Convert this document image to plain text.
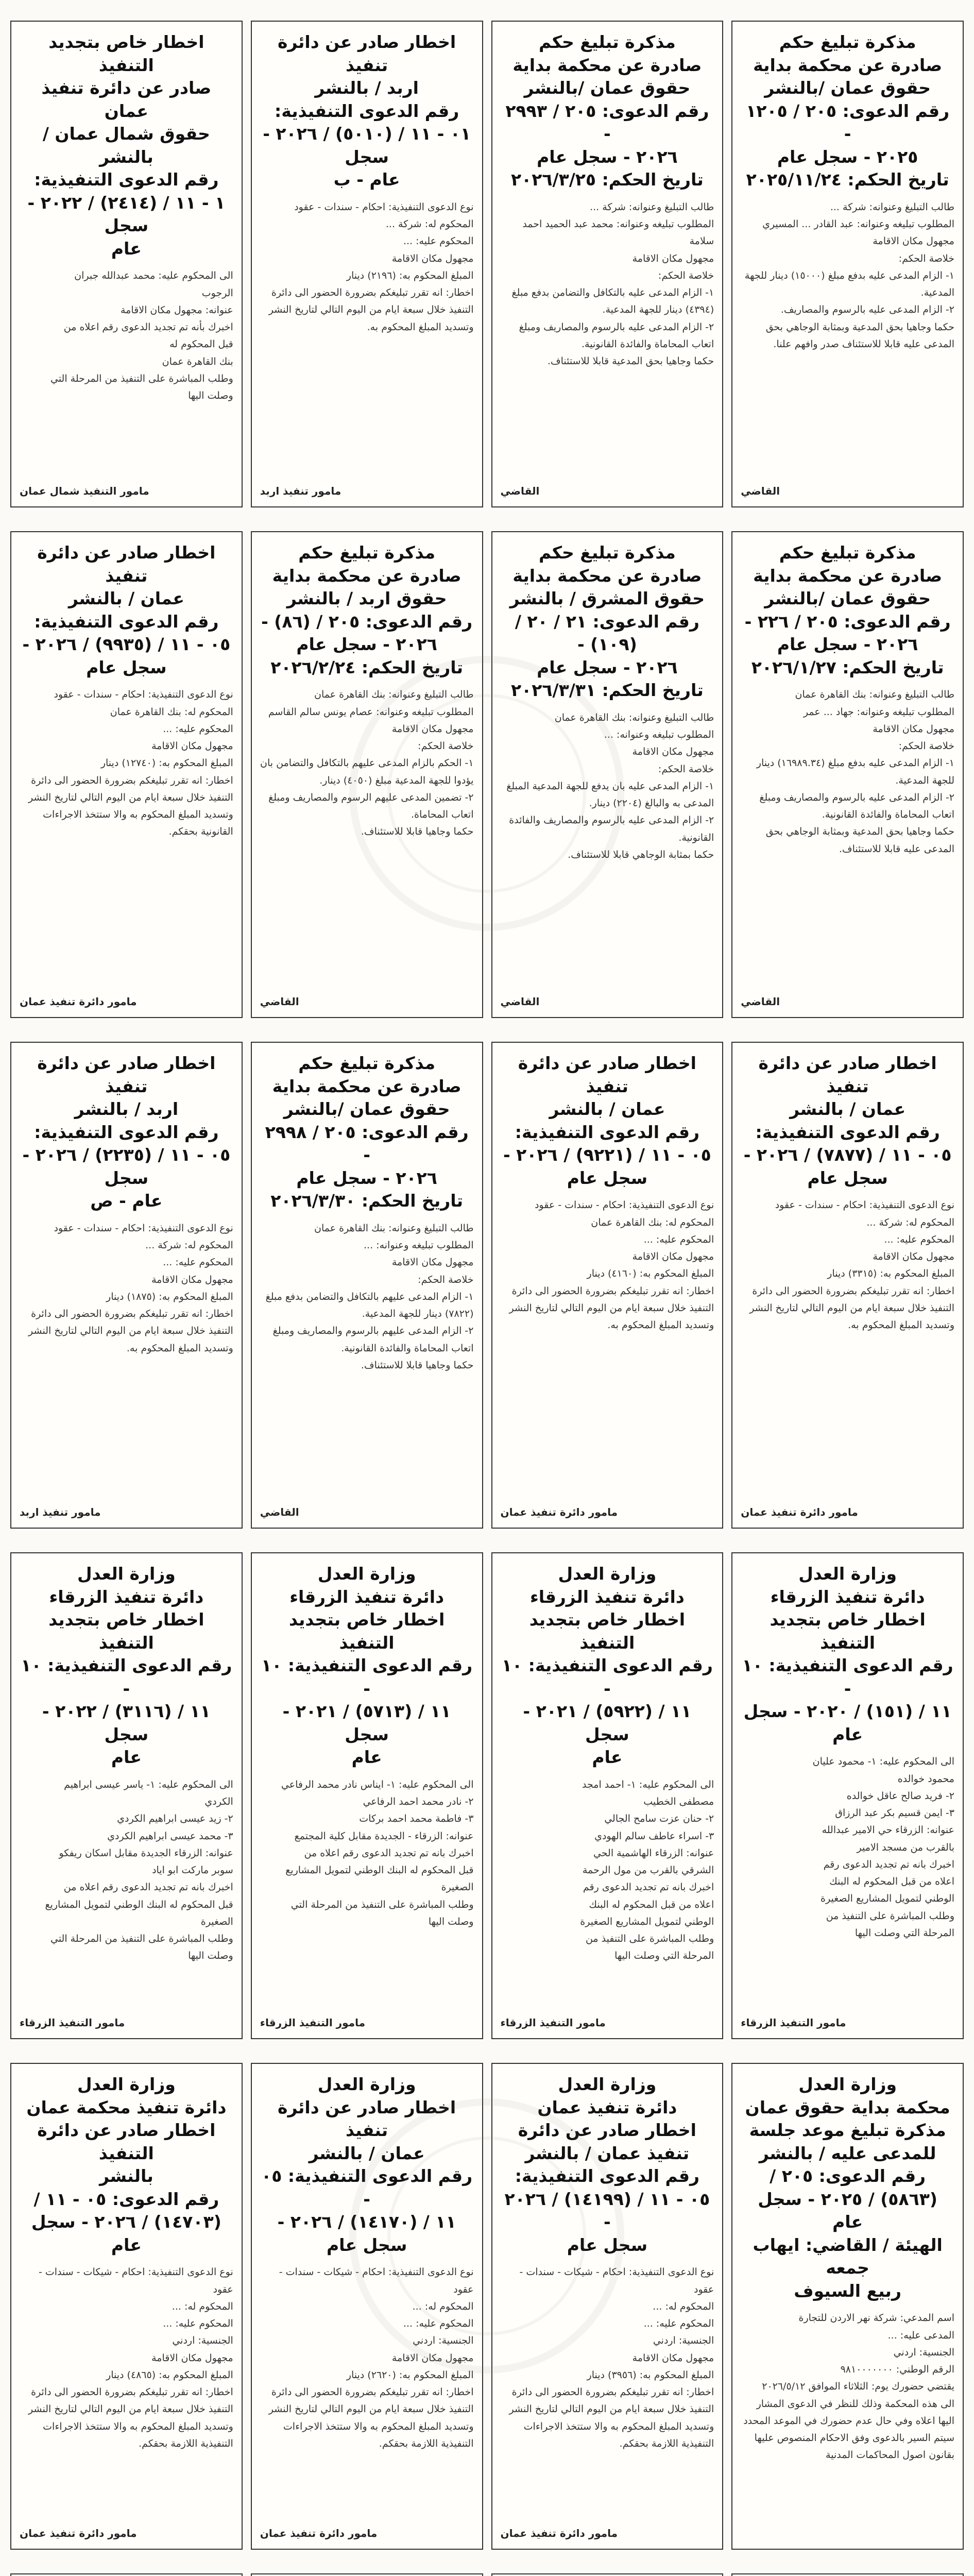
مذكرة تبليغ حكم
صادرة عن محكمة بداية
حقوق عمان /بالنشر
رقم الدعوى: ٢٠٥ / ١٢٠٥ -
٢٠٢٥ - سجل عام
تاريخ الحكم: ٢٠٢٥/١١/٢٤
طالب التبليغ وعنوانه: شركة ...
المطلوب تبليغه وعنوانه: عبد القادر ... المسيري
مجهول مكان الاقامة
خلاصة الحكم:
١- الزام المدعى عليه بدفع مبلغ (١٥٠٠٠) دينار للجهة المدعية.
٢- الزام المدعى عليه بالرسوم والمصاريف.
حكما وجاهيا بحق المدعية وبمثابة الوجاهي بحق المدعى عليه قابلا للاستئناف صدر وافهم علنا.
القاضي
مذكرة تبليغ حكم
صادرة عن محكمة بداية
حقوق عمان /بالنشر
رقم الدعوى: ٢٠٥ / ٢٩٩٣ -
٢٠٢٦ - سجل عام
تاريخ الحكم: ٢٠٢٦/٣/٢٥
طالب التبليغ وعنوانه: شركة ...
المطلوب تبليغه وعنوانه: محمد عبد الحميد احمد سلامة
مجهول مكان الاقامة
خلاصة الحكم:
١- الزام المدعى عليه بالتكافل والتضامن بدفع مبلغ (٤٣٩٤) دينار للجهة المدعية.
٢- الزام المدعى عليه بالرسوم والمصاريف ومبلغ اتعاب المحاماة والفائدة القانونية.
حكما وجاهيا بحق المدعية قابلا للاستئناف.
القاضي
اخطار صادر عن دائرة تنفيذ
اربد / بالنشر
رقم الدعوى التنفيذية:
٠١ - ١١ / (٥٠١٠) / ٢٠٢٦ - سجل
عام - ب
نوع الدعوى التنفيذية: احكام - سندات - عقود
المحكوم له: شركة ...
المحكوم عليه: ...
مجهول مكان الاقامة
المبلغ المحكوم به: (٢١٩٦) دينار
اخطار: انه تقرر تبليغكم بضرورة الحضور الى دائرة التنفيذ خلال سبعة ايام من اليوم التالي لتاريخ النشر وتسديد المبلغ المحكوم به.
مامور تنفيذ اربد
اخطار خاص بتجديد التنفيذ
صادر عن دائرة تنفيذ عمان
حقوق شمال عمان / بالنشر
رقم الدعوى التنفيذية:
١ - ١١ / (٢٤١٤) / ٢٠٢٢ - سجل
عام
الى المحكوم عليه: محمد عبدالله جبران
الرجوب
عنوانه: مجهول مكان الاقامة
اخبرك بأنه تم تجديد الدعوى رقم اعلاه من
قبل المحكوم له
بنك القاهرة عمان
وطلب المباشرة على التنفيذ من المرحلة التي
وصلت اليها
مامور التنفيذ شمال عمان
مذكرة تبليغ حكم
صادرة عن محكمة بداية
حقوق عمان /بالنشر
رقم الدعوى: ٢٠٥ / ٢٢٦ -
٢٠٢٦ - سجل عام
تاريخ الحكم: ٢٠٢٦/١/٢٧
طالب التبليغ وعنوانه: بنك القاهرة عمان
المطلوب تبليغه وعنوانه: جهاد ... عمر
مجهول مكان الاقامة
خلاصة الحكم:
١- الزام المدعى عليه بدفع مبلغ (١٦٩٨٩.٣٤) دينار للجهة المدعية.
٢- الزام المدعى عليه بالرسوم والمصاريف ومبلغ اتعاب المحاماة والفائدة القانونية.
حكما وجاهيا بحق المدعية وبمثابة الوجاهي بحق المدعى عليه قابلا للاستئناف.
القاضي
مذكرة تبليغ حكم
صادرة عن محكمة بداية
حقوق المشرق / بالنشر
رقم الدعوى: ٢١ / ٢٠ / (١٠٩) -
٢٠٢٦ - سجل عام
تاريخ الحكم: ٢٠٢٦/٣/٣١
طالب التبليغ وعنوانه: بنك القاهرة عمان
المطلوب تبليغه وعنوانه: ...
مجهول مكان الاقامة
خلاصة الحكم:
١- الزام المدعى عليه بان يدفع للجهة المدعية المبلغ المدعى به والبالغ (٢٢٠٤) دينار.
٢- الزام المدعى عليه بالرسوم والمصاريف والفائدة القانونية.
حكما بمثابة الوجاهي قابلا للاستئناف.
القاضي
مذكرة تبليغ حكم
صادرة عن محكمة بداية
حقوق اربد / بالنشر
رقم الدعوى: ٢٠٥ / (٨٦) -
٢٠٢٦ - سجل عام
تاريخ الحكم: ٢٠٢٦/٢/٢٤
طالب التبليغ وعنوانه: بنك القاهرة عمان
المطلوب تبليغه وعنوانه: عصام يونس سالم القاسم
مجهول مكان الاقامة
خلاصة الحكم:
١- الحكم بالزام المدعى عليهم بالتكافل والتضامن بان يؤدوا للجهة المدعية مبلغ (٤٠٥٠) دينار.
٢- تضمين المدعى عليهم الرسوم والمصاريف ومبلغ اتعاب المحاماة.
حكما وجاهيا قابلا للاستئناف.
القاضي
اخطار صادر عن دائرة تنفيذ
عمان / بالنشر
رقم الدعوى التنفيذية:
٠٥ - ١١ / (٩٩٣٥) / ٢٠٢٦ -
سجل عام
نوع الدعوى التنفيذية: احكام - سندات - عقود
المحكوم له: بنك القاهرة عمان
المحكوم عليه: ...
مجهول مكان الاقامة
المبلغ المحكوم به: (١٢٧٤٠) دينار
اخطار: انه تقرر تبليغكم بضرورة الحضور الى دائرة التنفيذ خلال سبعة ايام من اليوم التالي لتاريخ النشر وتسديد المبلغ المحكوم به والا ستتخذ الاجراءات القانونية بحقكم.
مامور دائرة تنفيذ عمان
اخطار صادر عن دائرة تنفيذ
عمان / بالنشر
رقم الدعوى التنفيذية:
٠٥ - ١١ / (٧٨٧٧) / ٢٠٢٦ -
سجل عام
نوع الدعوى التنفيذية: احكام - سندات - عقود
المحكوم له: شركة ...
المحكوم عليه: ...
مجهول مكان الاقامة
المبلغ المحكوم به: (٣٣١٥) دينار
اخطار: انه تقرر تبليغكم بضرورة الحضور الى دائرة التنفيذ خلال سبعة ايام من اليوم التالي لتاريخ النشر وتسديد المبلغ المحكوم به.
مامور دائرة تنفيذ عمان
اخطار صادر عن دائرة تنفيذ
عمان / بالنشر
رقم الدعوى التنفيذية:
٠٥ - ١١ / (٩٢٢١) / ٢٠٢٦ -
سجل عام
نوع الدعوى التنفيذية: احكام - سندات - عقود
المحكوم له: بنك القاهرة عمان
المحكوم عليه: ...
مجهول مكان الاقامة
المبلغ المحكوم به: (٤١٦٠) دينار
اخطار: انه تقرر تبليغكم بضرورة الحضور الى دائرة التنفيذ خلال سبعة ايام من اليوم التالي لتاريخ النشر وتسديد المبلغ المحكوم به.
مامور دائرة تنفيذ عمان
مذكرة تبليغ حكم
صادرة عن محكمة بداية
حقوق عمان /بالنشر
رقم الدعوى: ٢٠٥ / ٢٩٩٨ -
٢٠٢٦ - سجل عام
تاريخ الحكم: ٢٠٢٦/٣/٣٠
طالب التبليغ وعنوانه: بنك القاهرة عمان
المطلوب تبليغه وعنوانه: ...
مجهول مكان الاقامة
خلاصة الحكم:
١- الزام المدعى عليهم بالتكافل والتضامن بدفع مبلغ (٧٨٢٢) دينار للجهة المدعية.
٢- الزام المدعى عليهم بالرسوم والمصاريف ومبلغ اتعاب المحاماة والفائدة القانونية.
حكما وجاهيا قابلا للاستئناف.
القاضي
اخطار صادر عن دائرة تنفيذ
اربد / بالنشر
رقم الدعوى التنفيذية:
٠٥ - ١١ / (٢٢٣٥) / ٢٠٢٦ - سجل
عام - ص
نوع الدعوى التنفيذية: احكام - سندات - عقود
المحكوم له: شركة ...
المحكوم عليه: ...
مجهول مكان الاقامة
المبلغ المحكوم به: (١٨٧٥) دينار
اخطار: انه تقرر تبليغكم بضرورة الحضور الى دائرة التنفيذ خلال سبعة ايام من اليوم التالي لتاريخ النشر وتسديد المبلغ المحكوم به.
مامور تنفيذ اربد
وزارة العدل
دائرة تنفيذ الزرقاء
اخطار خاص بتجديد التنفيذ
رقم الدعوى التنفيذية: ١٠ -
١١ / (١٥١) / ٢٠٢٠ - سجل
عام
الى المحكوم عليه: ١- محمود عليان
محمود خوالده
٢- فريد صالح عاقل خوالده
٣- ايمن قسيم بكر عبد الرزاق
عنوانه: الزرقاء حي الامير عبدالله
بالقرب من مسجد الامير
اخبرك بانه تم تجديد الدعوى رقم
اعلاه من قبل المحكوم له البنك
الوطني لتمويل المشاريع الصغيرة
وطلب المباشرة على التنفيذ من
المرحلة التي وصلت اليها
مامور التنفيذ الزرقاء
وزارة العدل
دائرة تنفيذ الزرقاء
اخطار خاص بتجديد التنفيذ
رقم الدعوى التنفيذية: ١٠ -
١١ / (٥٩٢٢) / ٢٠٢١ - سجل
عام
الى المحكوم عليه: ١- احمد امجد
مصطفى الخطيب
٢- حنان عزت سامح الجالي
٣- اسراء عاطف سالم الهودي
عنوانه: الزرقاء الهاشمية الحي
الشرقي بالقرب من مول الرحمة
اخبرك بانه تم تجديد الدعوى رقم
اعلاه من قبل المحكوم له البنك
الوطني لتمويل المشاريع الصغيرة
وطلب المباشرة على التنفيذ من
المرحلة التي وصلت اليها
مامور التنفيذ الزرقاء
وزارة العدل
دائرة تنفيذ الزرقاء
اخطار خاص بتجديد التنفيذ
رقم الدعوى التنفيذية: ١٠ -
١١ / (٥٧١٣) / ٢٠٢١ - سجل
عام
الى المحكوم عليه: ١- ايناس نادر محمد الرفاعي
٢- نادر محمد احمد الرفاعي
٣- فاطمة محمد احمد بركات
عنوانه: الزرقاء - الجديدة مقابل كلية المجتمع
اخبرك بانه تم تجديد الدعوى رقم اعلاه من
قبل المحكوم له البنك الوطني لتمويل المشاريع
الصغيرة
وطلب المباشرة على التنفيذ من المرحلة التي
وصلت اليها
مامور التنفيذ الزرقاء
وزارة العدل
دائرة تنفيذ الزرقاء
اخطار خاص بتجديد التنفيذ
رقم الدعوى التنفيذية: ١٠ -
١١ / (٣١١٦) / ٢٠٢٢ - سجل
عام
الى المحكوم عليه: ١- ياسر عيسى ابراهيم
الكردي
٢- زيد عيسى ابراهيم الكردي
٣- محمد عيسى ابراهيم الكردي
عنوانه: الزرقاء الجديدة مقابل اسكان ريفكو
سوبر ماركت ابو اياد
اخبرك بانه تم تجديد الدعوى رقم اعلاه من
قبل المحكوم له البنك الوطني لتمويل المشاريع
الصغيرة
وطلب المباشرة على التنفيذ من المرحلة التي
وصلت اليها
مامور التنفيذ الزرقاء
وزارة العدل
محكمة بداية حقوق عمان
مذكرة تبليغ موعد جلسة
للمدعى عليه / بالنشر
رقم الدعوى: ٢٠٥ /
(٥٨٦٣) / ٢٠٢٥ - سجل عام
الهيئة / القاضي: ايهاب جمعه
ربيع السيوف
اسم المدعي: شركة نهر الاردن للتجارة
المدعى عليه: ...
الجنسية: اردني
الرقم الوطني: ٩٨١٠٠٠٠٠٠٠
يقتضي حضورك يوم: الثلاثاء الموافق ٢٠٢٦/٥/١٢
الى هذه المحكمة وذلك للنظر في الدعوى المشار اليها اعلاه وفي حال عدم حضورك في الموعد المحدد سيتم السير بالدعوى وفق الاحكام المنصوص عليها بقانون اصول المحاكمات المدنية
وزارة العدل
دائرة تنفيذ عمان
اخطار صادر عن دائرة
تنفيذ عمان / بالنشر
رقم الدعوى التنفيذية:
٠٥ - ١١ / (١٤١٩٩) / ٢٠٢٦ -
سجل عام
نوع الدعوى التنفيذية: احكام - شيكات - سندات - عقود
المحكوم له: ...
المحكوم عليه: ...
الجنسية: اردني
مجهول مكان الاقامة
المبلغ المحكوم به: (٣٩٥٦) دينار
اخطار: انه تقرر تبليغكم بضرورة الحضور الى دائرة التنفيذ خلال سبعة ايام من اليوم التالي لتاريخ النشر وتسديد المبلغ المحكوم به والا ستتخذ الاجراءات التنفيذية اللازمة بحقكم.
مامور دائرة تنفيذ عمان
وزارة العدل
اخطار صادر عن دائرة تنفيذ
عمان / بالنشر
رقم الدعوى التنفيذية: ٠٥ -
١١ / (١٤١٧٠) / ٢٠٢٦ -
سجل عام
نوع الدعوى التنفيذية: احكام - شيكات - سندات - عقود
المحكوم له: ...
المحكوم عليه: ...
الجنسية: اردني
مجهول مكان الاقامة
المبلغ المحكوم به: (٢٦٢٠) دينار
اخطار: انه تقرر تبليغكم بضرورة الحضور الى دائرة التنفيذ خلال سبعة ايام من اليوم التالي لتاريخ النشر وتسديد المبلغ المحكوم به والا ستتخذ الاجراءات التنفيذية اللازمة بحقكم.
مامور دائرة تنفيذ عمان
وزارة العدل
دائرة تنفيذ محكمة عمان
اخطار صادر عن دائرة التنفيذ
بالنشر
رقم الدعوى: ٠٥ - ١١ /
(١٤٧٠٣) / ٢٠٢٦ - سجل عام
نوع الدعوى التنفيذية: احكام - شيكات - سندات - عقود
المحكوم له: ...
المحكوم عليه: ...
الجنسية: اردني
مجهول مكان الاقامة
المبلغ المحكوم به: (٤٨٦٥) دينار
اخطار: انه تقرر تبليغكم بضرورة الحضور الى دائرة التنفيذ خلال سبعة ايام من اليوم التالي لتاريخ النشر وتسديد المبلغ المحكوم به والا ستتخذ الاجراءات التنفيذية اللازمة بحقكم.
مامور دائرة تنفيذ عمان
